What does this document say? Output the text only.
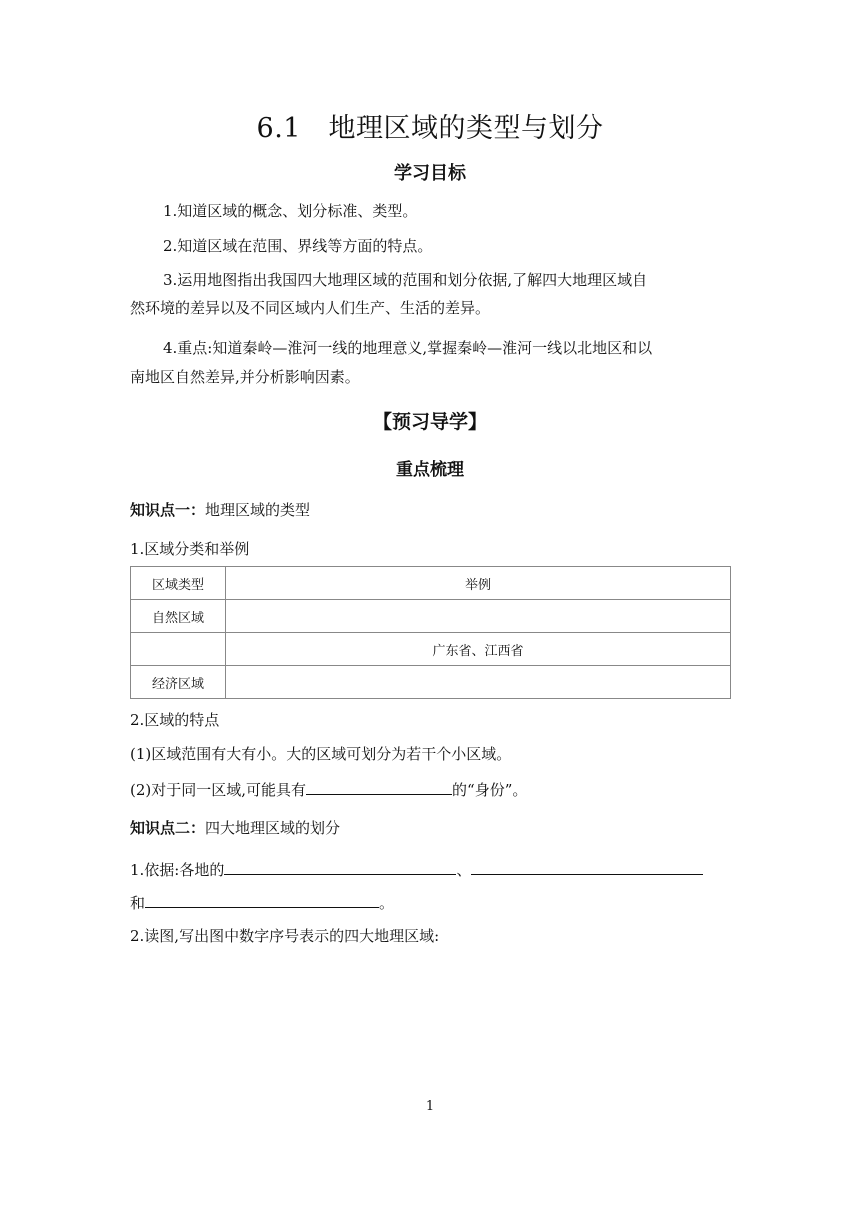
6.1　地理区域的类型与划分
学习目标
1.知道区域的概念、划分标准、类型。
2.知道区域在范围、界线等方面的特点。
3.运用地图指出我国四大地理区域的范围和划分依据,了解四大地理区域自
然环境的差异以及不同区域内人们生产、生活的差异。
4.重点:知道秦岭—淮河一线的地理意义,掌握秦岭—淮河一线以北地区和以
南地区自然差异,并分析影响因素。
【预习导学】
重点梳理
知识点一：地理区域的类型
1.区域分类和举例
区域类型	举例
自然区域	
	广东省、江西省
经济区域	
2.区域的特点
(1)区域范围有大有小。大的区域可划分为若干个小区域。
(2)对于同一区域,可能具有	的“身份”。
知识点二：四大地理区域的划分
1.依据:各地的	、
和	。
2.读图,写出图中数字序号表示的四大地理区域:
1
